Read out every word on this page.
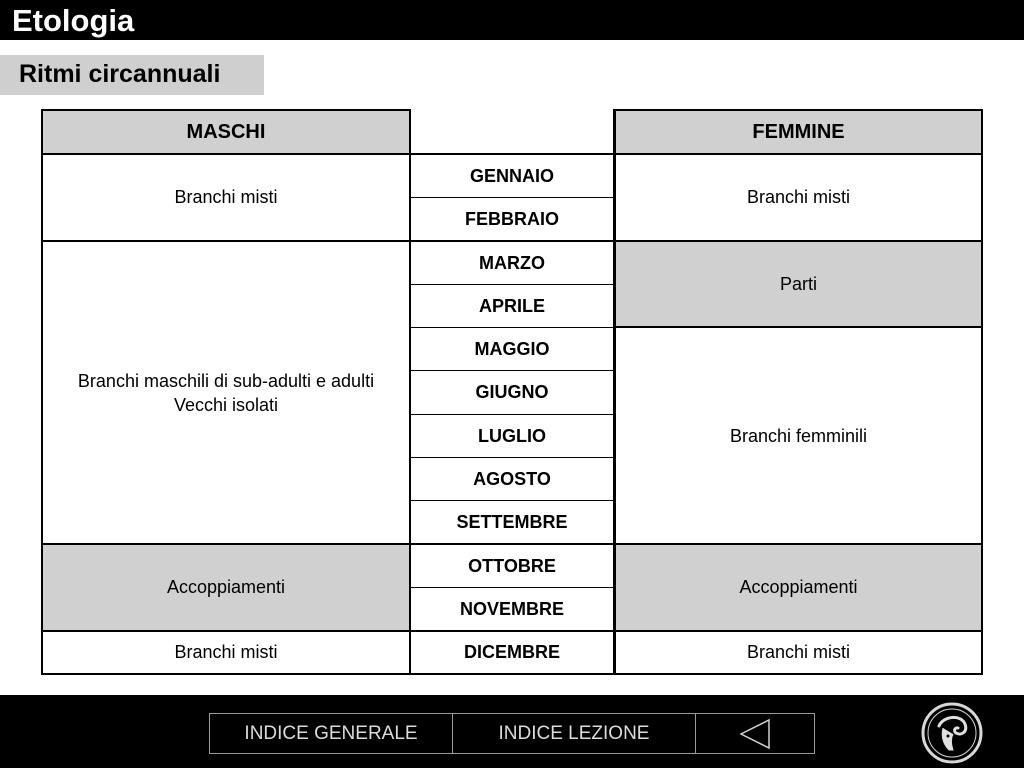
Etologia
Ritmi circannuali
MASCHI	FEMMINE
Branchi misti
Branchi maschili di sub-adulti e adulti
Vecchi isolati
Accoppiamenti
Branchi misti
Branchi misti
Parti
Branchi femminili
Accoppiamenti
Branchi misti
GENNAIO
FEBBRAIO
MARZO
APRILE
MAGGIO
GIUGNO
LUGLIO
AGOSTO
SETTEMBRE
OTTOBRE
NOVEMBRE
DICEMBRE
INDICE GENERALE	INDICE LEZIONE
